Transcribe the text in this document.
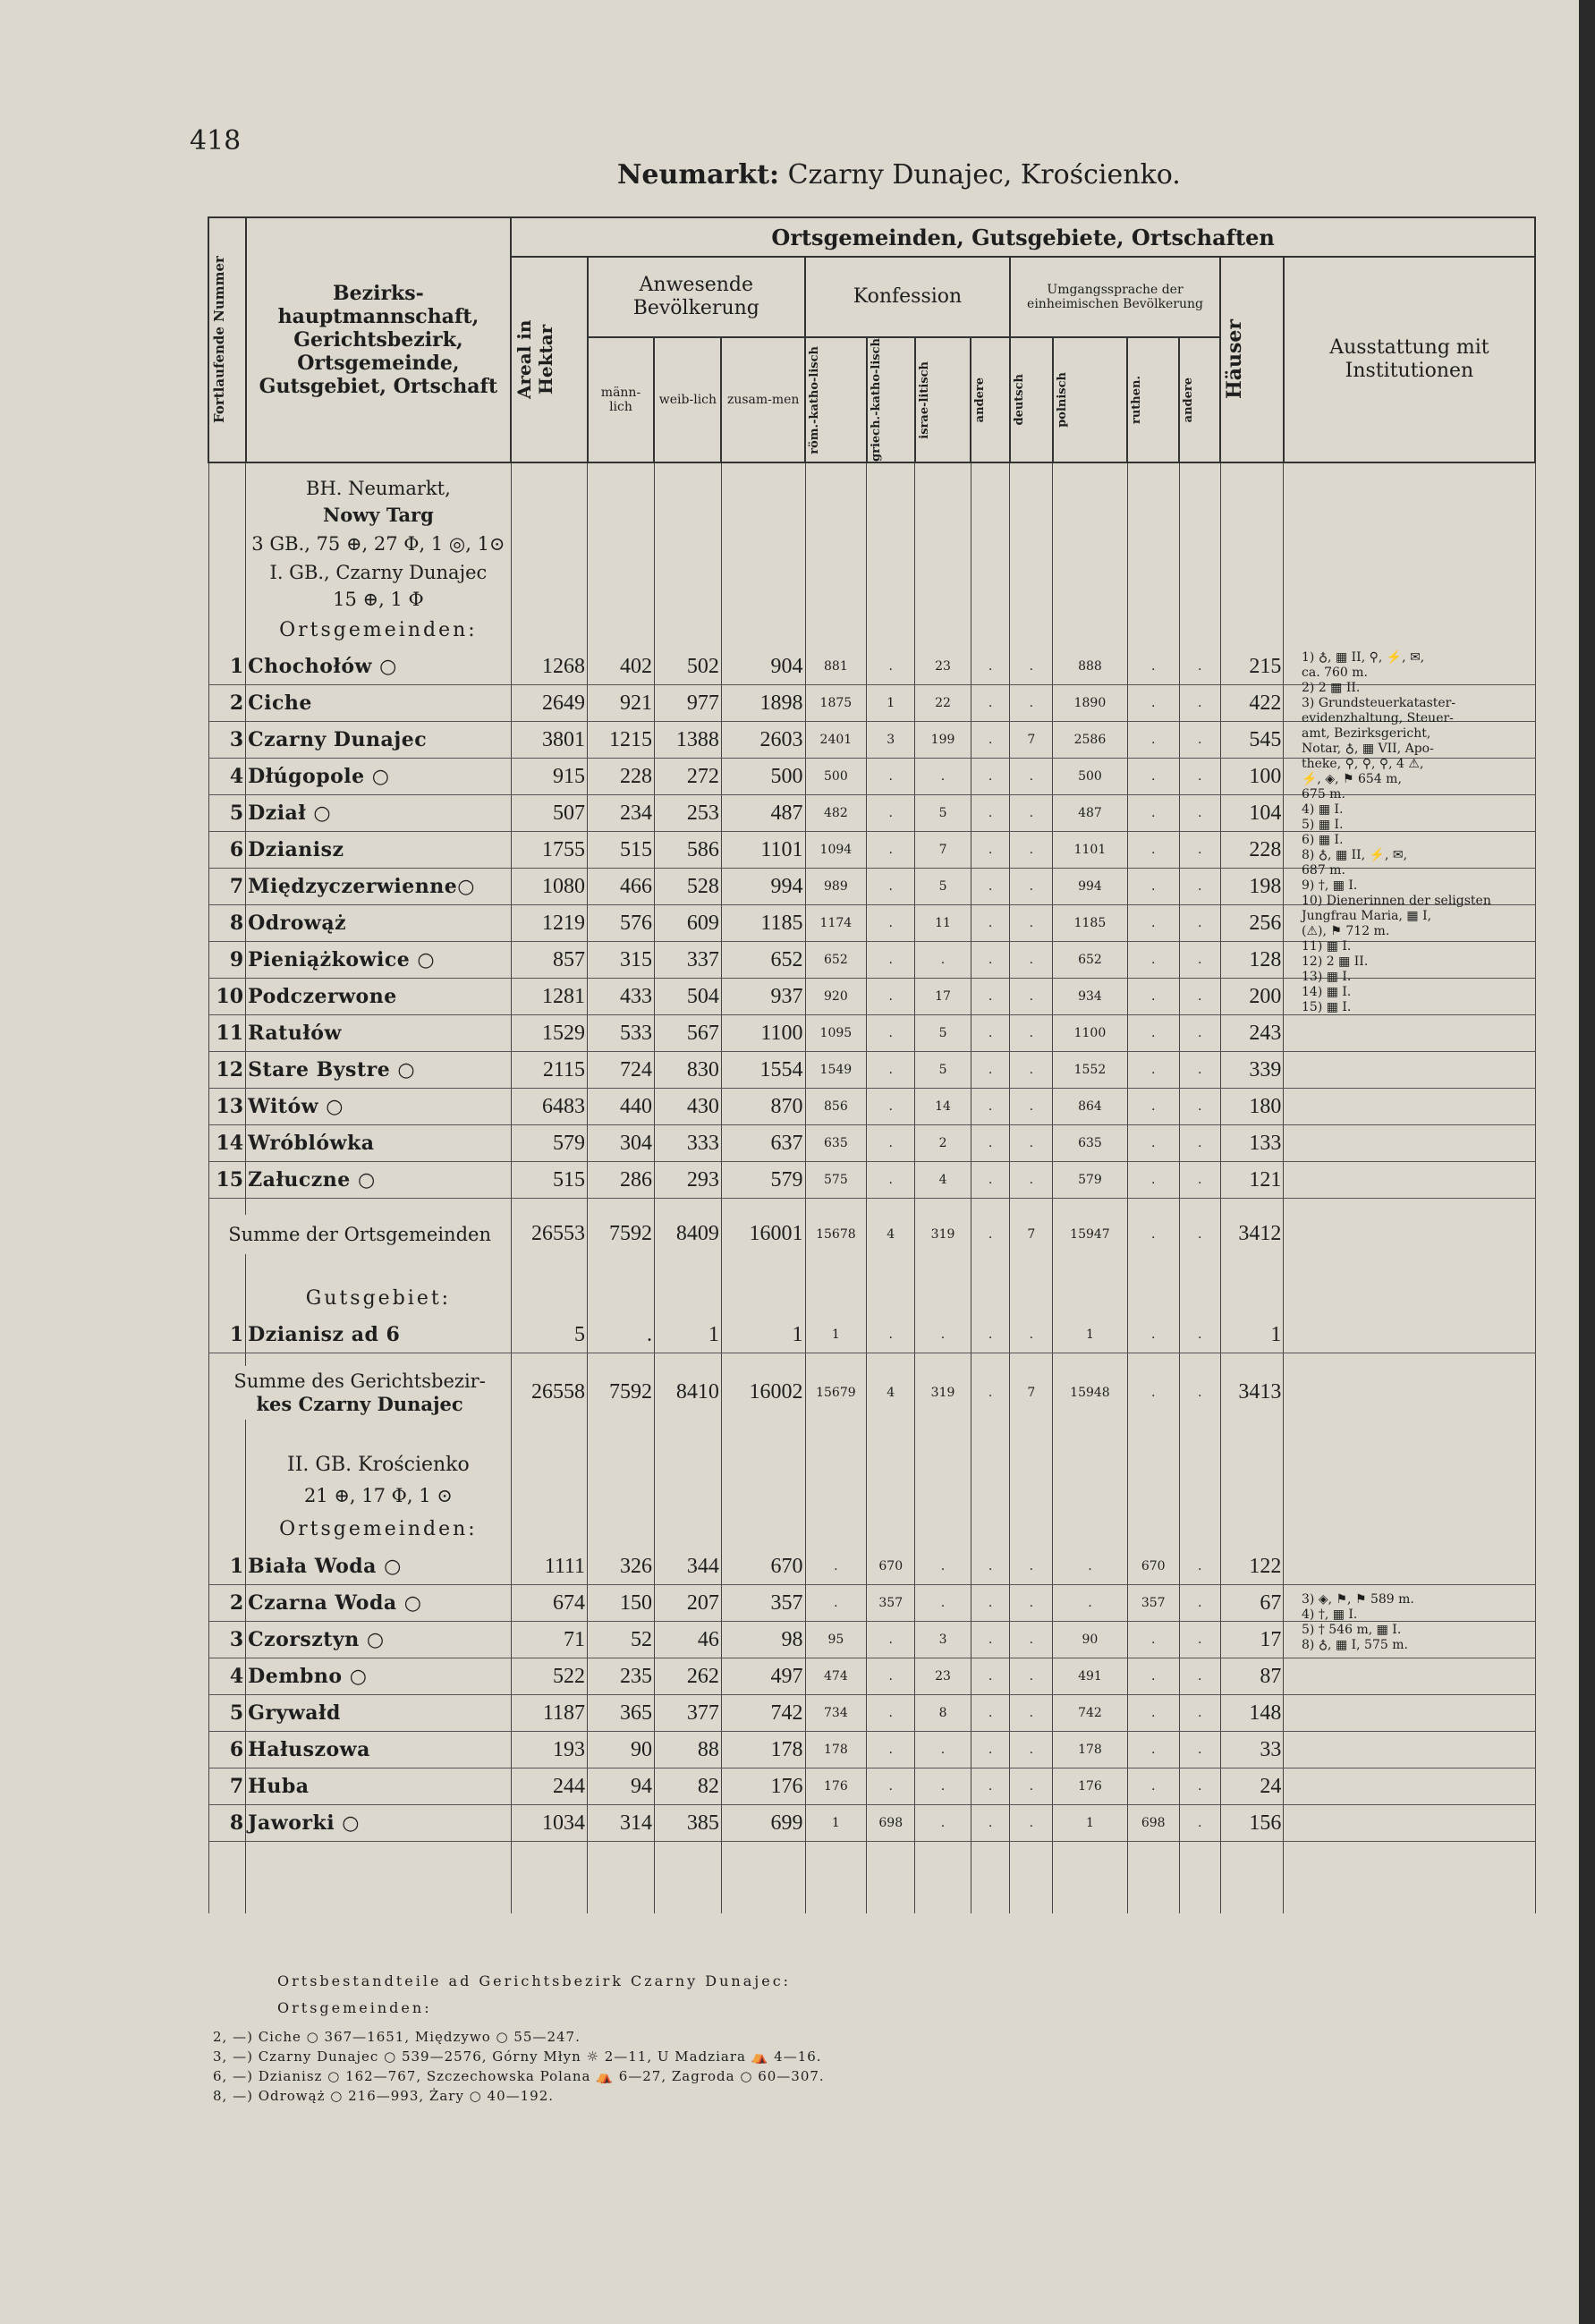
418
Neumarkt: Czarny Dunajec, Krościenko.
Fortlaufende Nummer	Bezirks-hauptmannschaft, Gerichtsbezirk, Ortsgemeinde, Gutsgebiet, Ortschaft	Ortsgemeinden, Gutsgebiete, Ortschaften													

		Areal in Hektar	Anwesende Bevölkerung			Konfession				Umgangssprache der einheimischen Bevölkerung				Häuser	Ausstattung mit Institutionen
			männ-lich	weib-lich	zusam-men	röm.-katho-lisch	griech.-katho-lisch	israe-litisch	andere	deutsch	polnisch	ruthen.	andere		

	BH. Neumarkt,														
	Nowy Targ														
	3 GB., 75 ⊕, 27 Φ, 1 ◎, 1⊙														
	I. GB., Czarny Dunajec														
	15 ⊕, 1 Φ														
	Ortsgemeinden:														
1	Chochołów ○	1268	402	502	904	881	.	23	.	.	888	.	.	215	
2	Ciche	2649	921	977	1898	1875	1	22	.	.	1890	.	.	422	
3	Czarny Dunajec	3801	1215	1388	2603	2401	3	199	.	7	2586	.	.	545	
4	Dłúgopole ○	915	228	272	500	500	.	.	.	.	500	.	.	100	
5	Dział ○	507	234	253	487	482	.	5	.	.	487	.	.	104	
6	Dzianisz	1755	515	586	1101	1094	.	7	.	.	1101	.	.	228	
7	Międzyczerwienne○	1080	466	528	994	989	.	5	.	.	994	.	.	198	
8	Odrowąż	1219	576	609	1185	1174	.	11	.	.	1185	.	.	256	
9	Pieniążkowice ○	857	315	337	652	652	.	.	.	.	652	.	.	128	
10	Podczerwone	1281	433	504	937	920	.	17	.	.	934	.	.	200	
11	Ratułów	1529	533	567	1100	1095	.	5	.	.	1100	.	.	243	
12	Stare Bystre ○	2115	724	830	1554	1549	.	5	.	.	1552	.	.	339	
13	Witów ○	6483	440	430	870	856	.	14	.	.	864	.	.	180	
14	Wróblówka	579	304	333	637	635	.	2	.	.	635	.	.	133	
15	Załuczne ○	515	286	293	579	575	.	4	.	.	579	.	.	121	

Summe der Ortsgemeinden		26553	7592	8409	16001	15678	4	319	.	7	15947	.	.	3412	

	Gutsgebiet:														
1	Dzianisz ad 6	5	.	1	1	1	.	.	.	.	1	.	.	1	

Summe des Gerichtsbezir-
kes Czarny Dunajec		26558	7592	8410	16002	15679	4	319	.	7	15948	.	.	3413	

	II. GB. Krościenko														
	21 ⊕, 17 Φ, 1 ⊙														
	Ortsgemeinden:														
1	Biała Woda ○	1111	326	344	670	.	670	.	.	.	.	670	.	122	
2	Czarna Woda ○	674	150	207	357	.	357	.	.	.	.	357	.	67	
3	Czorsztyn ○	71	52	46	98	95	.	3	.	.	90	.	.	17	
4	Dembno ○	522	235	262	497	474	.	23	.	.	491	.	.	87	
5	Grywałd	1187	365	377	742	734	.	8	.	.	742	.	.	148	
6	Hałuszowa	193	90	88	178	178	.	.	.	.	178	.	.	33	
7	Huba	244	94	82	176	176	.	.	.	.	176	.	.	24	
8	Jaworki ○	1034	314	385	699	1	698	.	.	.	1	698	.	156	

Ortsbestandteile ad Gerichtsbezirk Czarny Dunajec:
Ortsgemeinden:
2, —) Ciche ○ 367—1651, Międzywo ○ 55—247.
3, —) Czarny Dunajec ○ 539—2576, Górny Młyn ☼ 2—11, U Madziara ⛺ 4—16.
6, —) Dzianisz ○ 162—767, Szczechowska Polana ⛺ 6—27, Zagroda ○ 60—307.
8, —) Odrowąż ○ 216—993, Żary ○ 40—192.
1) ♁, ▦ II, ⚲, ⚡, ✉,
ca. 760 m.
2) 2 ▦ II.
3) Grundsteuerkataster-
evidenzhaltung, Steuer-
amt, Bezirksgericht,
Notar, ♁, ▦ VII, Apo-
theke, ⚲, ⚲, ⚲, 4 ⚠,
⚡, ◈, ⚑ 654 m,
675 m.
4) ▦ I.
5) ▦ I.
6) ▦ I.
8) ♁, ▦ II, ⚡, ✉,
687 m.
9) †, ▦ I.
10) Dienerinnen der seligsten
Jungfrau Maria, ▦ I,
(⚠), ⚑ 712 m.
11) ▦ I.
12) 2 ▦ II.
13) ▦ I.
14) ▦ I.
15) ▦ I.
3) ◈, ⚑, ⚑ 589 m.
4) †, ▦ I.
5) † 546 m, ▦ I.
8) ♁, ▦ I, 575 m.
